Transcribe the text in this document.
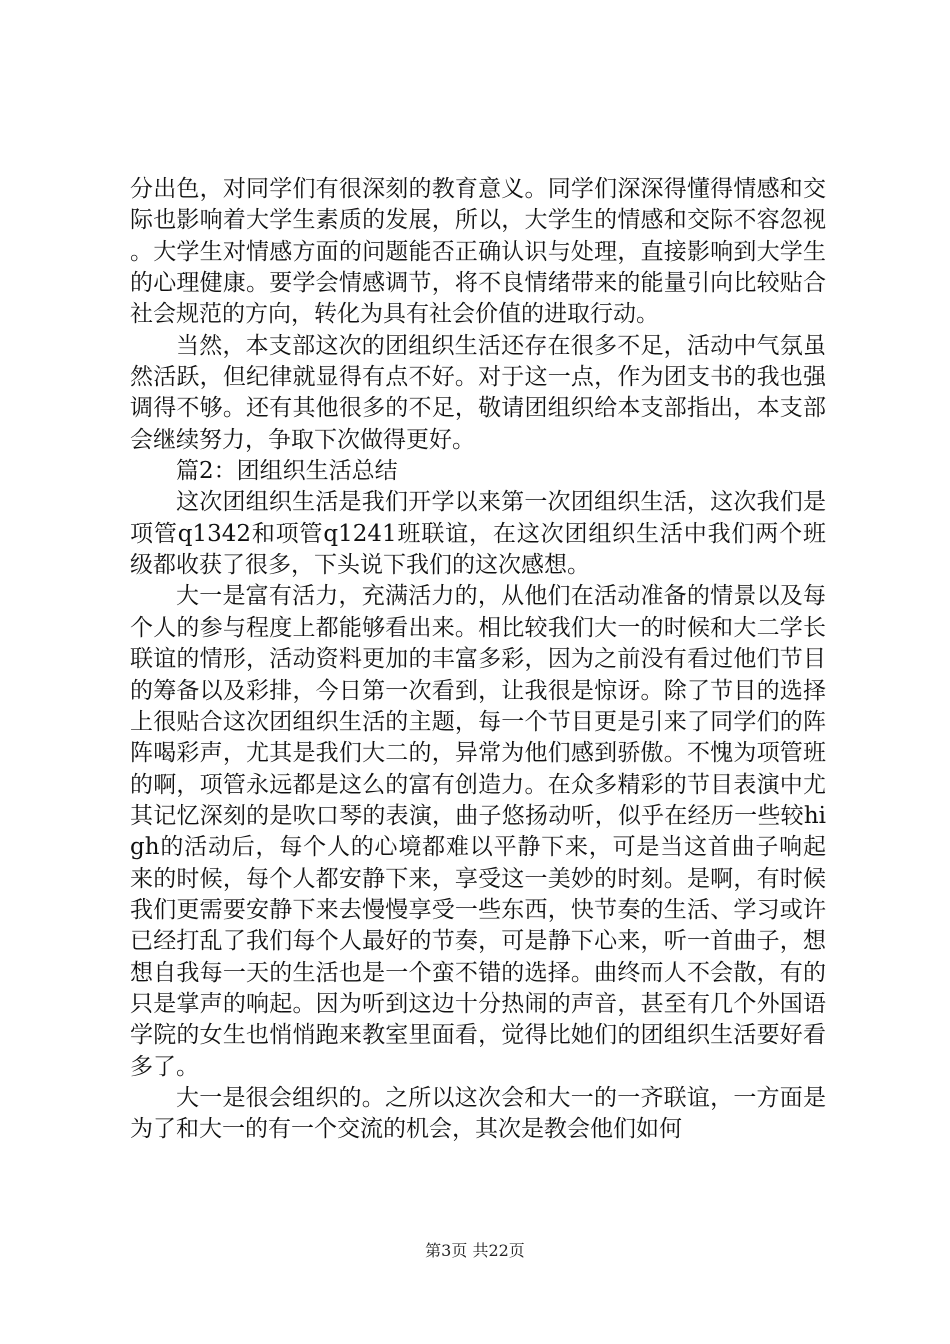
分出色，对同学们有很深刻的教育意义。同学们深深得懂得情感和交际也影响着大学生素质的发展，所以，大学生的情感和交际不容忽视。大学生对情感方面的问题能否正确认识与处理，直接影响到大学生的心理健康。要学会情感调节，将不良情绪带来的能量引向比较贴合社会规范的方向，转化为具有社会价值的进取行动。

当然，本支部这次的团组织生活还存在很多不足，活动中气氛虽然活跃，但纪律就显得有点不好。对于这一点，作为团支书的我也强调得不够。还有其他很多的不足，敬请团组织给本支部指出，本支部会继续努力，争取下次做得更好。

篇2：团组织生活总结

这次团组织生活是我们开学以来第一次团组织生活，这次我们是项管q1342和项管q1241班联谊，在这次团组织生活中我们两个班级都收获了很多，下头说下我们的这次感想。

大一是富有活力，充满活力的，从他们在活动准备的情景以及每个人的参与程度上都能够看出来。相比较我们大一的时候和大二学长联谊的情形，活动资料更加的丰富多彩，因为之前没有看过他们节目的筹备以及彩排，今日第一次看到，让我很是惊讶。除了节目的选择上很贴合这次团组织生活的主题，每一个节目更是引来了同学们的阵阵喝彩声，尤其是我们大二的，异常为他们感到骄傲。不愧为项管班的啊，项管永远都是这么的富有创造力。在众多精彩的节目表演中尤其记忆深刻的是吹口琴的表演，曲子悠扬动听，似乎在经历一些较high的活动后，每个人的心境都难以平静下来，可是当这首曲子响起来的时候，每个人都安静下来，享受这一美妙的时刻。是啊，有时候我们更需要安静下来去慢慢享受一些东西，快节奏的生活、学习或许已经打乱了我们每个人最好的节奏，可是静下心来，听一首曲子，想想自我每一天的生活也是一个蛮不错的选择。曲终而人不会散，有的只是掌声的响起。因为听到这边十分热闹的声音，甚至有几个外国语学院的女生也悄悄跑来教室里面看，觉得比她们的团组织生活要好看多了。

大一是很会组织的。之所以这次会和大一的一齐联谊，一方面是为了和大一的有一个交流的机会，其次是教会他们如何

第3页 共22页
